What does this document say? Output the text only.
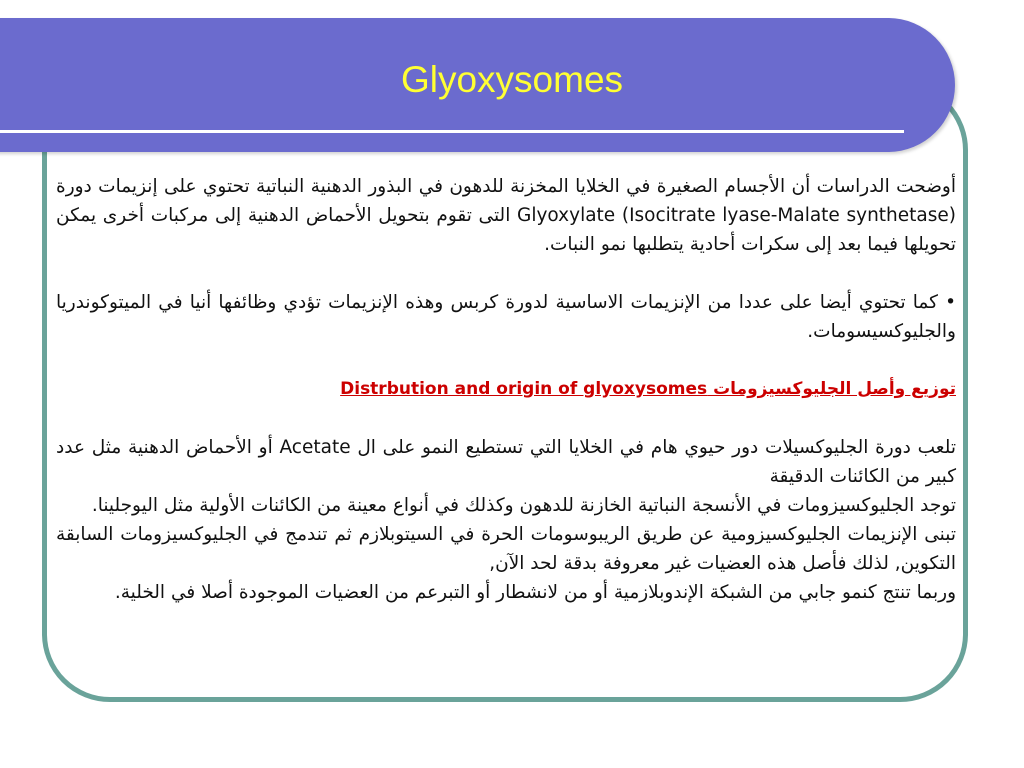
Glyoxysomes

أوضحت الدراسات أن الأجسام الصغيرة في الخلايا المخزنة للدهون في البذور الدهنية النباتية تحتوي على إنزيمات دورة Glyoxylate (Isocitrate lyase-Malate synthetase) التى تقوم بتحويل الأحماض الدهنية إلى مركبات أخرى يمكن تحويلها فيما بعد إلى سكرات أحادية يتطلبها نمو النبات.

• كما تحتوي أيضا على عددا من الإنزيمات الاساسية لدورة كربس وهذه الإنزيمات تؤدي وظائفها أنيا في الميتوكوندريا والجليوكسيسومات.

توزيع وأصل الجليوكسيزومات Distrbution and origin of glyoxysomes

تلعب دورة الجليوكسيلات دور حيوي هام في الخلايا التي تستطيع النمو على ال Acetate أو الأحماض الدهنية مثل عدد كبير من الكائنات الدقيقة

توجد الجليوكسيزومات في الأنسجة النباتية الخازنة للدهون وكذلك في أنواع معينة من الكائنات الأولية مثل اليوجلينا.

تبنى الإنزيمات الجليوكسيزومية عن طريق الريبوسومات الحرة في السيتوبلازم ثم تندمج في الجليوكسيزومات السابقة التكوين, لذلك فأصل هذه العضيات غير معروفة بدقة لحد الآن,

وربما تنتج كنمو جابي من الشبكة الإندوبلازمية أو من لانشطار أو التبرعم من العضيات الموجودة أصلا في الخلية.
